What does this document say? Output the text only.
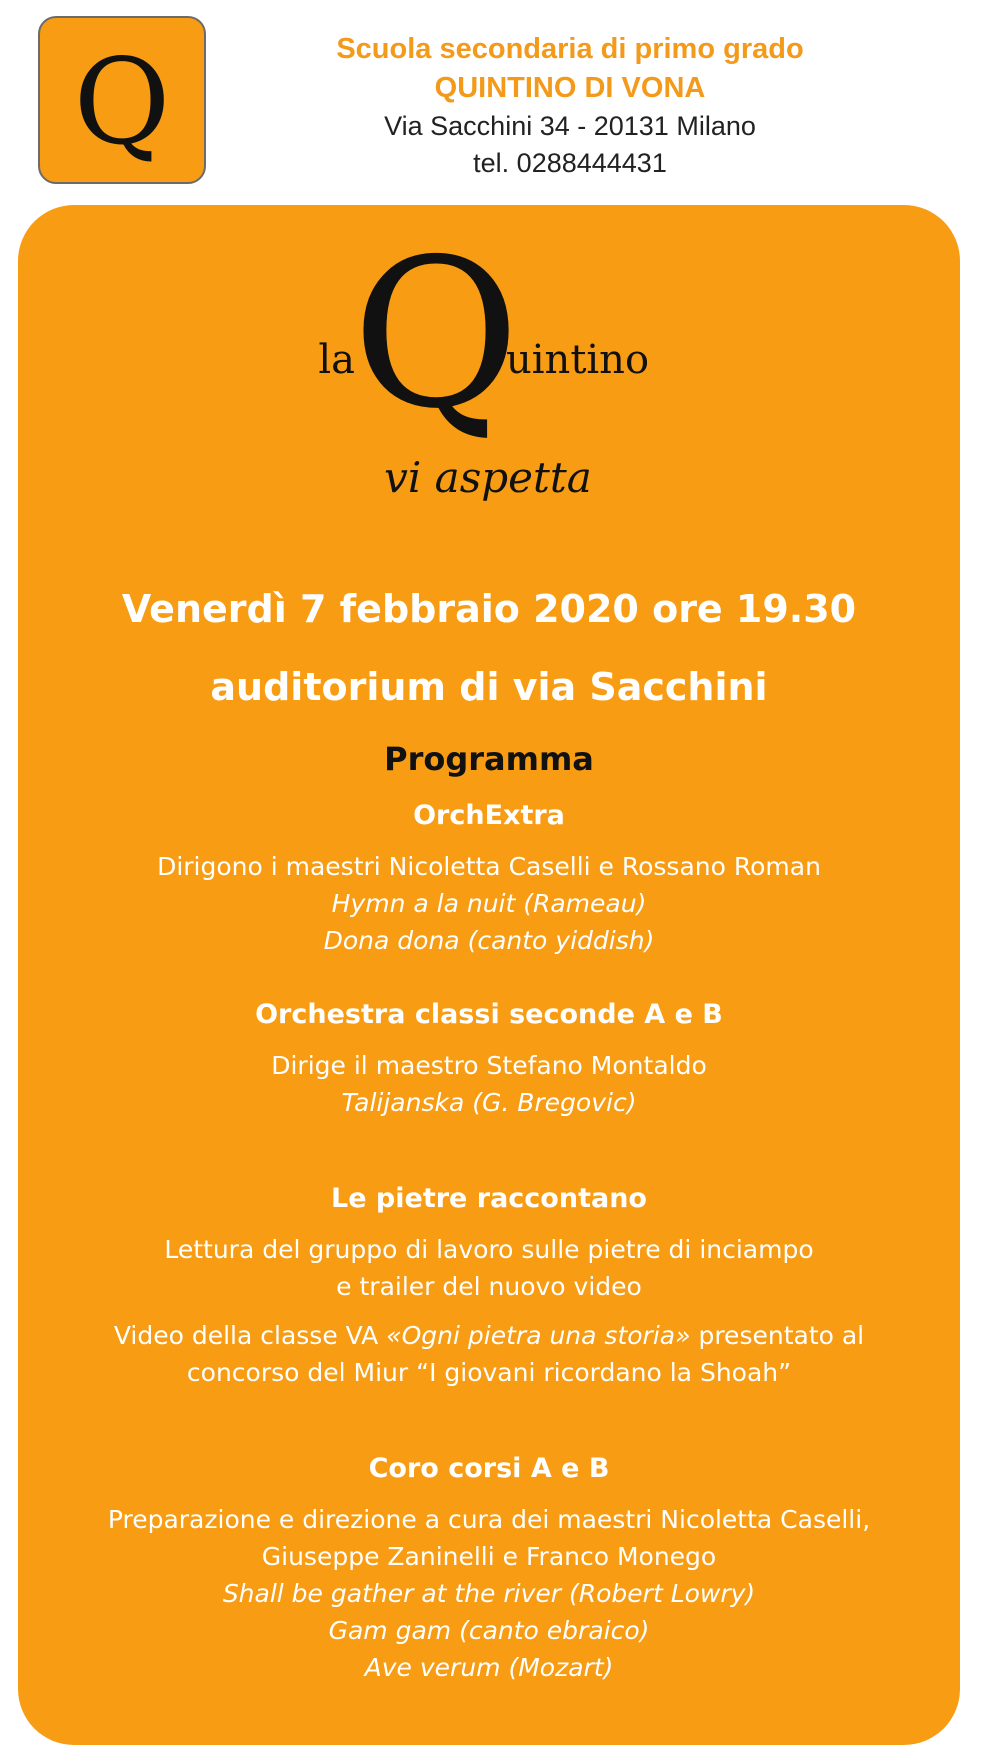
Q	Scuola secondaria di primo grado
QUINTINO DI VONA
Via Sacchini 34 - 20131 Milano
tel. 0288444431
la
Q
uintino
vi aspetta
Venerdì 7 febbraio 2020 ore 19.30
auditorium di via Sacchini
Programma
OrchExtra
Dirigono i maestri Nicoletta Caselli e Rossano Roman
Hymn a la nuit (Rameau)
Dona dona (canto yiddish)
Orchestra classi seconde A e B
Dirige il maestro Stefano Montaldo
Talijanska (G. Bregovic)
Le pietre raccontano
Lettura del gruppo di lavoro sulle pietre di inciampo
e trailer del nuovo video
Video della classe VA «Ogni pietra una storia» presentato al
concorso del Miur “I giovani ricordano la Shoah”
Coro corsi A e B
Preparazione e direzione a cura dei maestri Nicoletta Caselli,
Giuseppe Zaninelli e Franco Monego
Shall be gather at the river (Robert Lowry)
Gam gam (canto ebraico)
Ave verum (Mozart)
